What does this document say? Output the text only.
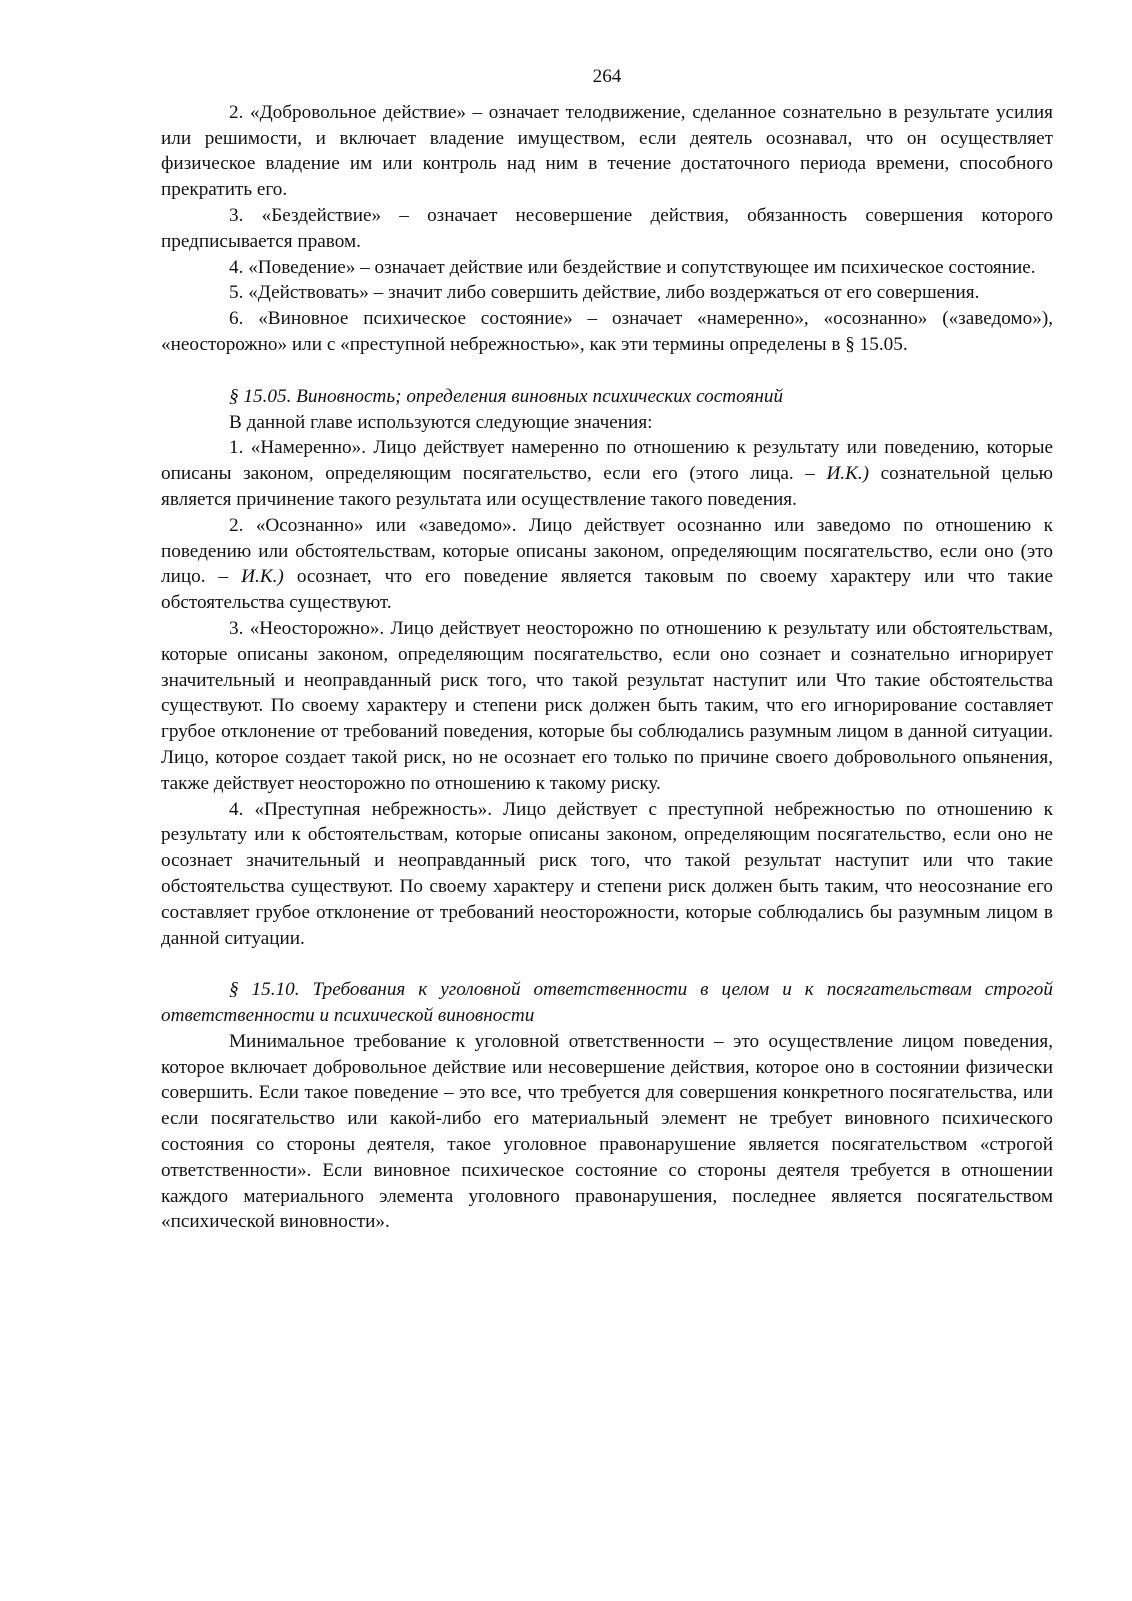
264

2. «Добровольное действие» – означает телодвижение, сделанное сознательно в результате усилия или решимости, и включает владение имуществом, если деятель осознавал, что он осуществляет физическое владение им или контроль над ним в течение достаточного периода времени, способного прекратить его.

3. «Бездействие» – означает несовершение действия, обязанность совершения которого предписывается правом.

4. «Поведение» – означает действие или бездействие и сопутствующее им психическое состояние.

5. «Действовать» – значит либо совершить действие, либо воздержаться от его совершения.

6. «Виновное психическое состояние» – означает «намеренно», «осознанно» («заведомо»), «неосторожно» или с «преступной небрежностью», как эти термины определены в § 15.05.

§ 15.05. Виновность; определения виновных психических состояний

В данной главе используются следующие значения:

1. «Намеренно». Лицо действует намеренно по отношению к результату или поведению, которые описаны законом, определяющим посягательство, если его (этого лица. – И.К.) сознательной целью является причинение такого результата или осуществление такого поведения.

2. «Осознанно» или «заведомо». Лицо действует осознанно или заведомо по отношению к поведению или обстоятельствам, которые описаны законом, определяющим посягательство, если оно (это лицо. – И.К.) осознает, что его поведение является таковым по своему характеру или что такие обстоятельства существуют.

3. «Неосторожно». Лицо действует неосторожно по отношению к результату или обстоятельствам, которые описаны законом, определяющим посягательство, если оно сознает и сознательно игнорирует значительный и неоправданный риск того, что такой результат наступит или Что такие обстоятельства существуют. По своему характеру и степени риск должен быть таким, что его игнорирование составляет грубое отклонение от требований поведения, которые бы соблюдались разумным лицом в данной ситуации. Лицо, которое создает такой риск, но не осознает его только по причине своего добровольного опьянения, также действует неосторожно по отношению к такому риску.

4. «Преступная небрежность». Лицо действует с преступной небрежностью по отношению к результату или к обстоятельствам, которые описаны законом, определяющим посягательство, если оно не осознает значительный и неоправданный риск того, что такой результат наступит или что такие обстоятельства существуют. По своему характеру и степени риск должен быть таким, что неосознание его составляет грубое отклонение от требований неосторожности, которые соблюдались бы разумным лицом в данной ситуации.

§ 15.10. Требования к уголовной ответственности в целом и к посягательствам строгой ответственности и психической виновности

Минимальное требование к уголовной ответственности – это осуществление лицом поведения, которое включает добровольное действие или несовершение действия, которое оно в состоянии физически совершить. Если такое поведение – это все, что требуется для совершения конкретного посягательства, или если посягательство или какой-либо его материальный элемент не требует виновного психического состояния со стороны деятеля, такое уголовное правонарушение является посягательством «строгой ответственности». Если виновное психическое состояние со стороны деятеля требуется в отношении каждого материального элемента уголовного правонарушения, последнее является посягательством «психической виновности».
